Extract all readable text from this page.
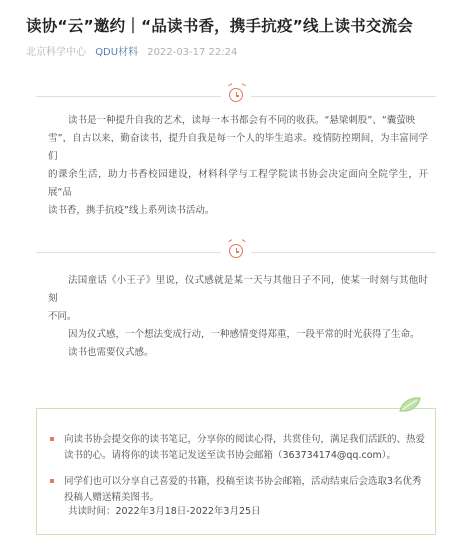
读协“云”邀约｜“品读书香，携手抗疫”线上读书交流会
北京科学中心 QDU材料 2022-03-17 22:24
读书是一种提升自我的艺术，读每一本书都会有不同的收获。“悬梁刺股”、“囊萤映
雪”，自古以来，勤奋读书，提升自我是每一个人的毕生追求。疫情防控期间，为丰富同学们
的课余生活，助力书香校园建设，材料科学与工程学院读书协会决定面向全院学生，开展“品
读书香，携手抗疫”线上系列读书活动。
法国童话《小王子》里说，仪式感就是某一天与其他日子不同，使某一时刻与其他时刻
不同。
因为仪式感，一个想法变成行动，一种感情变得郑重，一段平常的时光获得了生命。
读书也需要仪式感。
向读书协会提交你的读书笔记，分享你的阅读心得，共赏佳句，满足我们活跃的、热爱
读书的心。请将你的读书笔记发送至读书协会邮箱（363734174@qq.com）。
同学们也可以分享自己喜爱的书籍，投稿至读书协会邮箱，活动结束后会选取3名优秀
投稿人赠送精美图书。
共读时间：2022年3月18日-2022年3月25日
